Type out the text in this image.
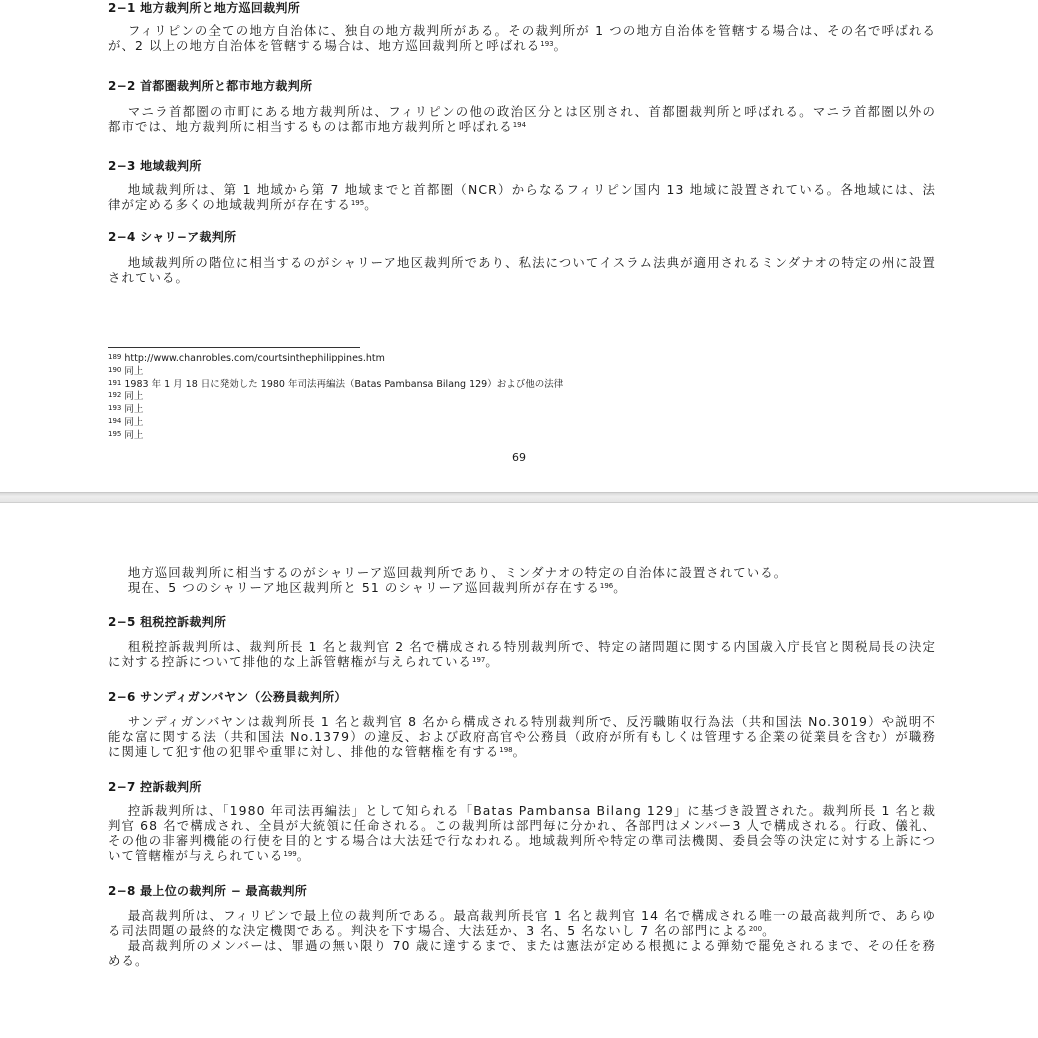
2−1 地方裁判所と地方巡回裁判所

フィリピンの全ての地方自治体に、独自の地方裁判所がある。その裁判所が 1 つの地方自治体を管轄する場合は、その名で呼ばれるが、2 以上の地方自治体を管轄する場合は、地方巡回裁判所と呼ばれる$^{193}$。

2−2 首都圏裁判所と都市地方裁判所

マニラ首都圏の市町にある地方裁判所は、フィリピンの他の政治区分とは区別され、首都圏裁判所と呼ばれる。マニラ首都圏以外の都市では、地方裁判所に相当するものは都市地方裁判所と呼ばれる$^{194}$

2−3 地域裁判所

地域裁判所は、第 1 地域から第 7 地域までと首都圏（NCR）からなるフィリピン国内 13 地域に設置されている。各地域には、法律が定める多くの地域裁判所が存在する$^{195}$。

2−4 シャリ−ア裁判所

地域裁判所の階位に相当するのがシャリーア地区裁判所であり、私法についてイスラム法典が適用されるミンダナオの特定の州に設置されている。

$^{189}$ http://www.chanrobles.com/courtsinthephilippines.htm
$^{190}$ 同上
$^{191}$ 1983 年 1 月 18 日に発効した 1980 年司法再編法（Batas Pambansa Bilang 129）および他の法律
$^{192}$ 同上
$^{193}$ 同上
$^{194}$ 同上
$^{195}$ 同上
69

地方巡回裁判所に相当するのがシャリーア巡回裁判所であり、ミンダナオの特定の自治体に設置されている。

現在、5 つのシャリーア地区裁判所と 51 のシャリーア巡回裁判所が存在する$^{196}$。

2−5 租税控訴裁判所

租税控訴裁判所は、裁判所長 1 名と裁判官 2 名で構成される特別裁判所で、特定の諸問題に関する内国歳入庁長官と関税局長の決定に対する控訴について排他的な上訴管轄権が与えられている$^{197}$。

2−6 サンディガンバヤン（公務員裁判所）

サンディガンバヤンは裁判所長 1 名と裁判官 8 名から構成される特別裁判所で、反汚職賄収行為法（共和国法 No.3019）や説明不能な富に関する法（共和国法 No.1379）の違反、および政府高官や公務員（政府が所有もしくは管理する企業の従業員を含む）が職務に関連して犯す他の犯罪や重罪に対し、排他的な管轄権を有する$^{198}$。

2−7 控訴裁判所

控訴裁判所は、「1980 年司法再編法」として知られる「Batas Pambansa Bilang 129」に基づき設置された。裁判所長 1 名と裁判官 68 名で構成され、全員が大統領に任命される。この裁判所は部門毎に分かれ、各部門はメンバー3 人で構成される。行政、儀礼、その他の非審判機能の行使を目的とする場合は大法廷で行なわれる。地域裁判所や特定の準司法機関、委員会等の決定に対する上訴について管轄権が与えられている$^{199}$。

2−8 最上位の裁判所 − 最高裁判所

最高裁判所は、フィリピンで最上位の裁判所である。最高裁判所長官 1 名と裁判官 14 名で構成される唯一の最高裁判所で、あらゆる司法問題の最終的な決定機関である。判決を下す場合、大法廷か、3 名、5 名ないし 7 名の部門による$^{200}$。

最高裁判所のメンバーは、罪過の無い限り 70 歳に達するまで、または憲法が定める根拠による弾劾で罷免されるまで、その任を務める。
